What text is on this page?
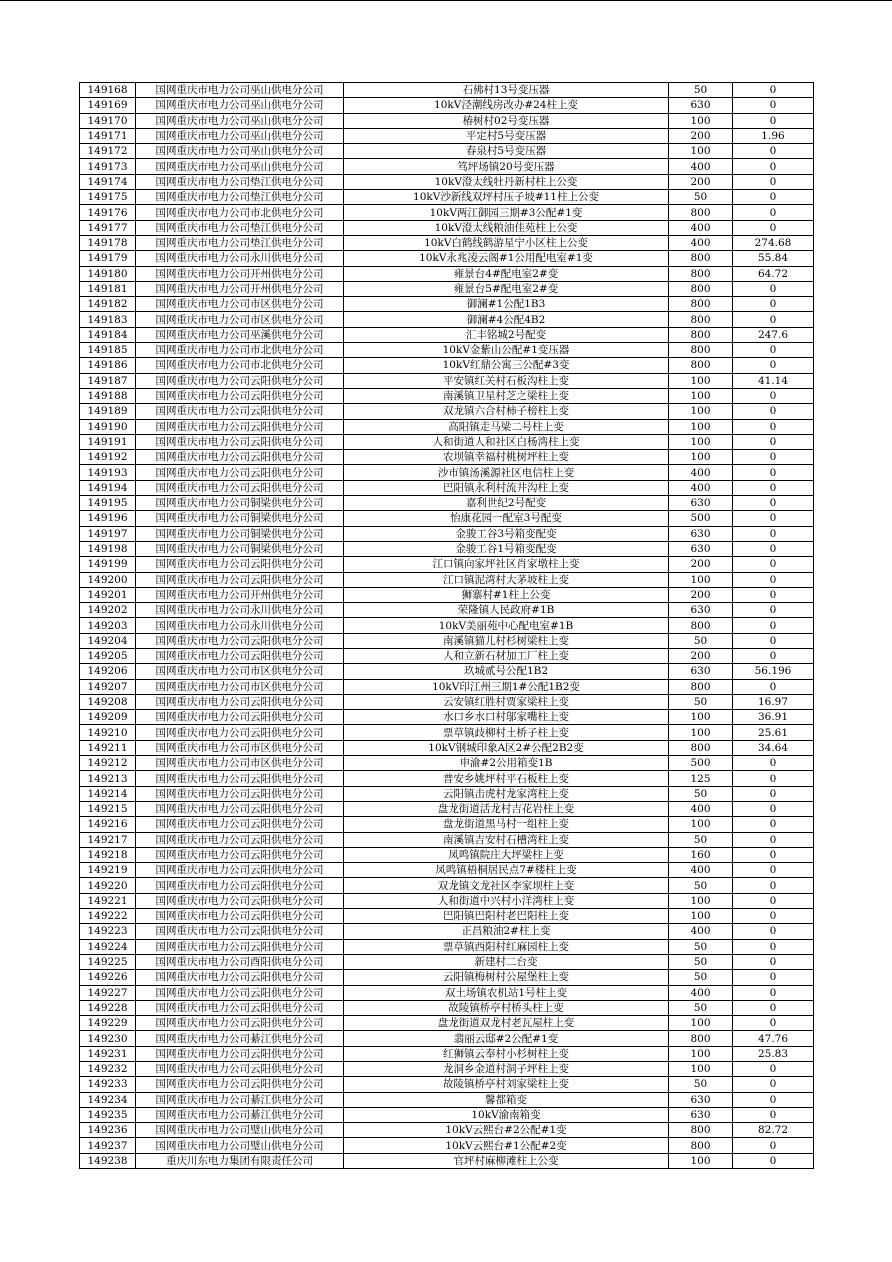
149168	国网重庆市电力公司巫山供电分公司	石佛村13号变压器	50	0
149169	国网重庆市电力公司巫山供电分公司	10kV泾潮线房改办#24柱上变	630	0
149170	国网重庆市电力公司巫山供电分公司	椿树村02号变压器	100	0
149171	国网重庆市电力公司巫山供电分公司	平定村5号变压器	200	1.96
149172	国网重庆市电力公司巫山供电分公司	春泉村5号变压器	100	0
149173	国网重庆市电力公司巫山供电分公司	笃坪场镇20号变压器	400	0
149174	国网重庆市电力公司垫江供电分公司	10kV澄太线牡丹新村柱上公变	200	0
149175	国网重庆市电力公司垫江供电分公司	10kV沙新线双坪村压子坡#11柱上公变	50	0
149176	国网重庆市电力公司市北供电分公司	10kV两江御园三期#3公配#1变	800	0
149177	国网重庆市电力公司垫江供电分公司	10kV澄太线粮油佳苑柱上公变	400	0
149178	国网重庆市电力公司垫江供电分公司	10kV白鹤线鹤游星宁小区柱上公变	400	274.68
149179	国网重庆市电力公司永川供电分公司	10kV永兆凌云阁#1公用配电室#1变	800	55.84
149180	国网重庆市电力公司开州供电分公司	雍景台4#配电室2#变	800	64.72
149181	国网重庆市电力公司开州供电分公司	雍景台5#配电室2#变	800	0
149182	国网重庆市电力公司市区供电分公司	御澜#1公配1B3	800	0
149183	国网重庆市电力公司市区供电分公司	御澜#4公配4B2	800	0
149184	国网重庆市电力公司巫溪供电分公司	汇丰铭城2号配变	800	247.6
149185	国网重庆市电力公司市北供电分公司	10kV金紫山公配#1变压器	800	0
149186	国网重庆市电力公司市北供电分公司	10kV红鼎公寓三公配#3变	800	0
149187	国网重庆市电力公司云阳供电分公司	平安镇红关村石板沟柱上变	100	41.14
149188	国网重庆市电力公司云阳供电分公司	南溪镇卫星村芝之梁柱上变	100	0
149189	国网重庆市电力公司云阳供电分公司	双龙镇六合村柿子榜柱上变	100	0
149190	国网重庆市电力公司云阳供电分公司	高阳镇走马梁二号柱上变	100	0
149191	国网重庆市电力公司云阳供电分公司	人和街道人和社区白杨湾柱上变	100	0
149192	国网重庆市电力公司云阳供电分公司	农坝镇幸福村桃树坪柱上变	100	0
149193	国网重庆市电力公司云阳供电分公司	沙市镇汤溪源社区电信柱上变	400	0
149194	国网重庆市电力公司云阳供电分公司	巴阳镇永利村流井沟柱上变	400	0
149195	国网重庆市电力公司铜梁供电分公司	嘉利世纪2号配变	630	0
149196	国网重庆市电力公司铜梁供电分公司	怡康花园一配室3号配变	500	0
149197	国网重庆市电力公司铜梁供电分公司	金骏工谷3号箱变配变	630	0
149198	国网重庆市电力公司铜梁供电分公司	金骏工谷1号箱变配变	630	0
149199	国网重庆市电力公司云阳供电分公司	江口镇向家坪社区肖家墩柱上变	200	0
149200	国网重庆市电力公司云阳供电分公司	江口镇泥湾村大茅坡柱上变	100	0
149201	国网重庆市电力公司开州供电分公司	狮寨村#1柱上公变	200	0
149202	国网重庆市电力公司永川供电分公司	荣隆镇人民政府#1B	630	0
149203	国网重庆市电力公司永川供电分公司	10kV美丽苑中心配电室#1B	800	0
149204	国网重庆市电力公司云阳供电分公司	南溪镇猫儿村杉树梁柱上变	50	0
149205	国网重庆市电力公司云阳供电分公司	人和立新石材加工厂柱上变	200	0
149206	国网重庆市电力公司市区供电分公司	玖城贰号公配1B2	630	56.196
149207	国网重庆市电力公司市区供电分公司	10kV印江州三期1#公配1B2变	800	0
149208	国网重庆市电力公司云阳供电分公司	云安镇红胜村贾家梁柱上变	50	16.97
149209	国网重庆市电力公司云阳供电分公司	水口乡水口村邬家嘴柱上变	100	36.91
149210	国网重庆市电力公司云阳供电分公司	票草镇歧柳村土桥子柱上变	100	25.61
149211	国网重庆市电力公司市区供电分公司	10kV钢城印象A区2#公配2B2变	800	34.64
149212	国网重庆市电力公司市区供电分公司	申渝#2公用箱变1B	500	0
149213	国网重庆市电力公司云阳供电分公司	普安乡姚坪村平石板柱上变	125	0
149214	国网重庆市电力公司云阳供电分公司	云阳镇击虎村龙家湾柱上变	50	0
149215	国网重庆市电力公司云阳供电分公司	盘龙街道活龙村吉花岩柱上变	400	0
149216	国网重庆市电力公司云阳供电分公司	盘龙街道黑马村一组柱上变	100	0
149217	国网重庆市电力公司云阳供电分公司	南溪镇吉安村石槽湾柱上变	50	0
149218	国网重庆市电力公司云阳供电分公司	凤鸣镇院庄大坪梁柱上变	160	0
149219	国网重庆市电力公司云阳供电分公司	凤鸣镇梧桐居民点7#楼柱上变	400	0
149220	国网重庆市电力公司云阳供电分公司	双龙镇文龙社区李家坝柱上变	50	0
149221	国网重庆市电力公司云阳供电分公司	人和街道中兴村小洋湾柱上变	100	0
149222	国网重庆市电力公司云阳供电分公司	巴阳镇巴阳村老巴阳柱上变	100	0
149223	国网重庆市电力公司云阳供电分公司	正昌粮油2#柱上变	400	0
149224	国网重庆市电力公司云阳供电分公司	票草镇西阳村红麻园柱上变	50	0
149225	国网重庆市电力公司酉阳供电分公司	新建村二台变	50	0
149226	国网重庆市电力公司云阳供电分公司	云阳镇梅树村公屋堡柱上变	50	0
149227	国网重庆市电力公司云阳供电分公司	双土场镇农机站1号柱上变	400	0
149228	国网重庆市电力公司云阳供电分公司	故陵镇桥亭村桥头柱上变	50	0
149229	国网重庆市电力公司云阳供电分公司	盘龙街道双龙村老瓦屋柱上变	100	0
149230	国网重庆市电力公司綦江供电分公司	翡丽云邸#2公配#1变	800	47.76
149231	国网重庆市电力公司云阳供电分公司	红狮镇云奉村小杉树柱上变	100	25.83
149232	国网重庆市电力公司云阳供电分公司	龙洞乡金道村洞子坪柱上变	100	0
149233	国网重庆市电力公司云阳供电分公司	故陵镇桥亭村刘家梁柱上变	50	0
149234	国网重庆市电力公司綦江供电分公司	馨都箱变	630	0
149235	国网重庆市电力公司綦江供电分公司	10kV渝南箱变	630	0
149236	国网重庆市电力公司璧山供电分公司	10kV云熙台#2公配#1变	800	82.72
149237	国网重庆市电力公司璧山供电分公司	10kV云熙台#1公配#2变	800	0
149238	重庆川东电力集团有限责任公司	官坪村麻柳滩柱上公变	100	0
